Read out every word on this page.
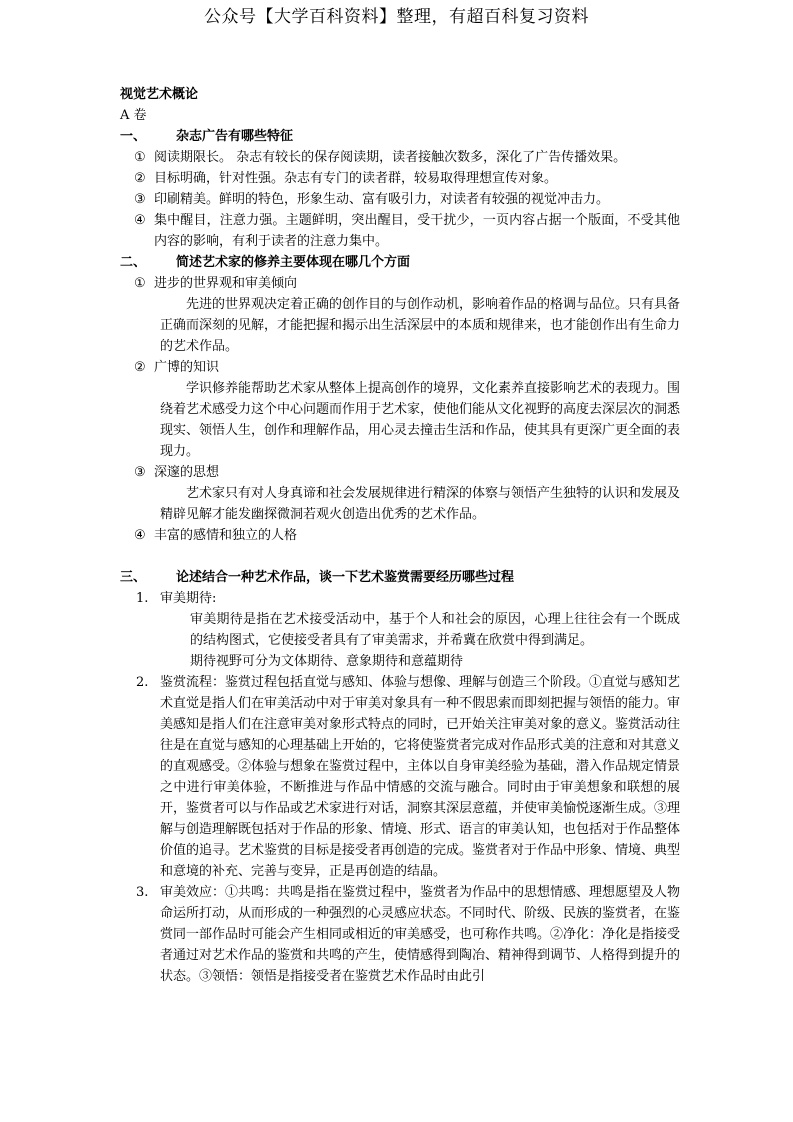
公众号【大学百科资料】整理，有超百科复习资料

视觉艺术概论

A 卷

一、	杂志广告有哪些特征
① 阅读期限长。 杂志有较长的保存阅读期，读者接触次数多，深化了广告传播效果。
② 目标明确，针对性强。杂志有专门的读者群，较易取得理想宣传对象。
③ 印刷精美。鲜明的特色，形象生动、富有吸引力，对读者有较强的视觉冲击力。
④ 集中醒目，注意力强。主题鲜明，突出醒目，受干扰少，一页内容占据一个版面，不受其他内容的影响，有利于读者的注意力集中。
二、	简述艺术家的修养主要体现在哪几个方面
① 进步的世界观和审美倾向

先进的世界观决定着正确的创作目的与创作动机，影响着作品的格调与品位。只有具备正确而深刻的见解，才能把握和揭示出生活深层中的本质和规律来，也才能创作出有生命力的艺术作品。

② 广博的知识

学识修养能帮助艺术家从整体上提高创作的境界，文化素养直接影响艺术的表现力。围绕着艺术感受力这个中心问题而作用于艺术家，使他们能从文化视野的高度去深层次的洞悉现实、领悟人生，创作和理解作品，用心灵去撞击生活和作品，使其具有更深广更全面的表现力。

③ 深邃的思想

艺术家只有对人身真谛和社会发展规律进行精深的体察与领悟产生独特的认识和发展及精辟见解才能发幽探微洞若观火创造出优秀的艺术作品。

④ 丰富的感情和独立的人格
三、	论述结合一种艺术作品，谈一下艺术鉴赏需要经历哪些过程
1. 审美期待:

审美期待是指在艺术接受活动中，基于个人和社会的原因，心理上往往会有一个既成的结构图式，它使接受者具有了审美需求，并希冀在欣赏中得到满足。

期待视野可分为文体期待、意象期待和意蕴期待

2. 鉴赏流程：鉴赏过程包括直觉与感知、体验与想像、理解与创造三个阶段。①直觉与感知艺术直觉是指人们在审美活动中对于审美对象具有一种不假思索而即刻把握与领悟的能力。审美感知是指人们在注意审美对象形式特点的同时，已开始关注审美对象的意义。鉴赏活动往往是在直觉与感知的心理基础上开始的，它将使鉴赏者完成对作品形式美的注意和对其意义的直观感受。②体验与想象在鉴赏过程中，主体以自身审美经验为基础，潜入作品规定情景之中进行审美体验，不断推进与作品中情感的交流与融合。同时由于审美想象和联想的展开，鉴赏者可以与作品或艺术家进行对话，洞察其深层意蕴，并使审美愉悦逐渐生成。③理解与创造理解既包括对于作品的形象、情境、形式、语言的审美认知，也包括对于作品整体价值的追寻。艺术鉴赏的目标是接受者再创造的完成。鉴赏者对于作品中形象、情境、典型和意境的补充、完善与变异，正是再创造的结晶。
3. 审美效应：①共鸣：共鸣是指在鉴赏过程中，鉴赏者为作品中的思想情感、理想愿望及人物命运所打动，从而形成的一种强烈的心灵感应状态。不同时代、阶级、民族的鉴赏者，在鉴赏同一部作品时可能会产生相同或相近的审美感受，也可称作共鸣。②净化：净化是指接受者通过对艺术作品的鉴赏和共鸣的产生，使情感得到陶冶、精神得到调节、人格得到提升的状态。③领悟：领悟是指接受者在鉴赏艺术作品时由此引
